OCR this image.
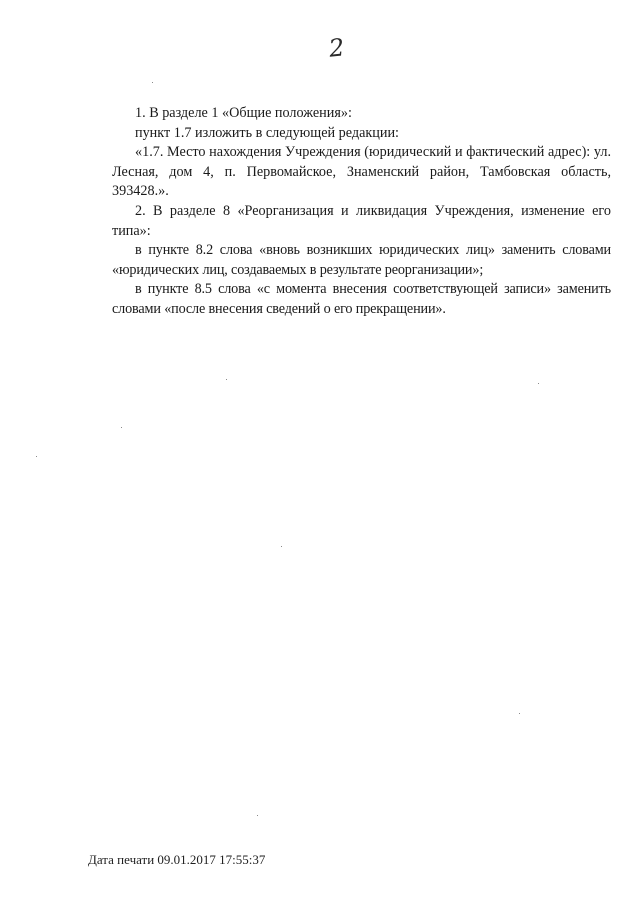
2

1. В разделе 1 «Общие положения»:

пункт 1.7 изложить в следующей редакции:

«1.7. Место нахождения Учреждения (юридический и фактический адрес): ул. Лесная, дом 4, п. Первомайское, Знаменский район, Тамбовская область, 393428.».

2. В разделе 8 «Реорганизация и ликвидация Учреждения, изменение его типа»:

в пункте 8.2 слова «вновь возникших юридических лиц» заменить словами «юридических лиц, создаваемых в результате реорганизации»;

в пункте 8.5 слова «с момента внесения соответствующей записи» заменить словами «после внесения сведений о его прекращении».

Дата печати 09.01.2017 17:55:37
